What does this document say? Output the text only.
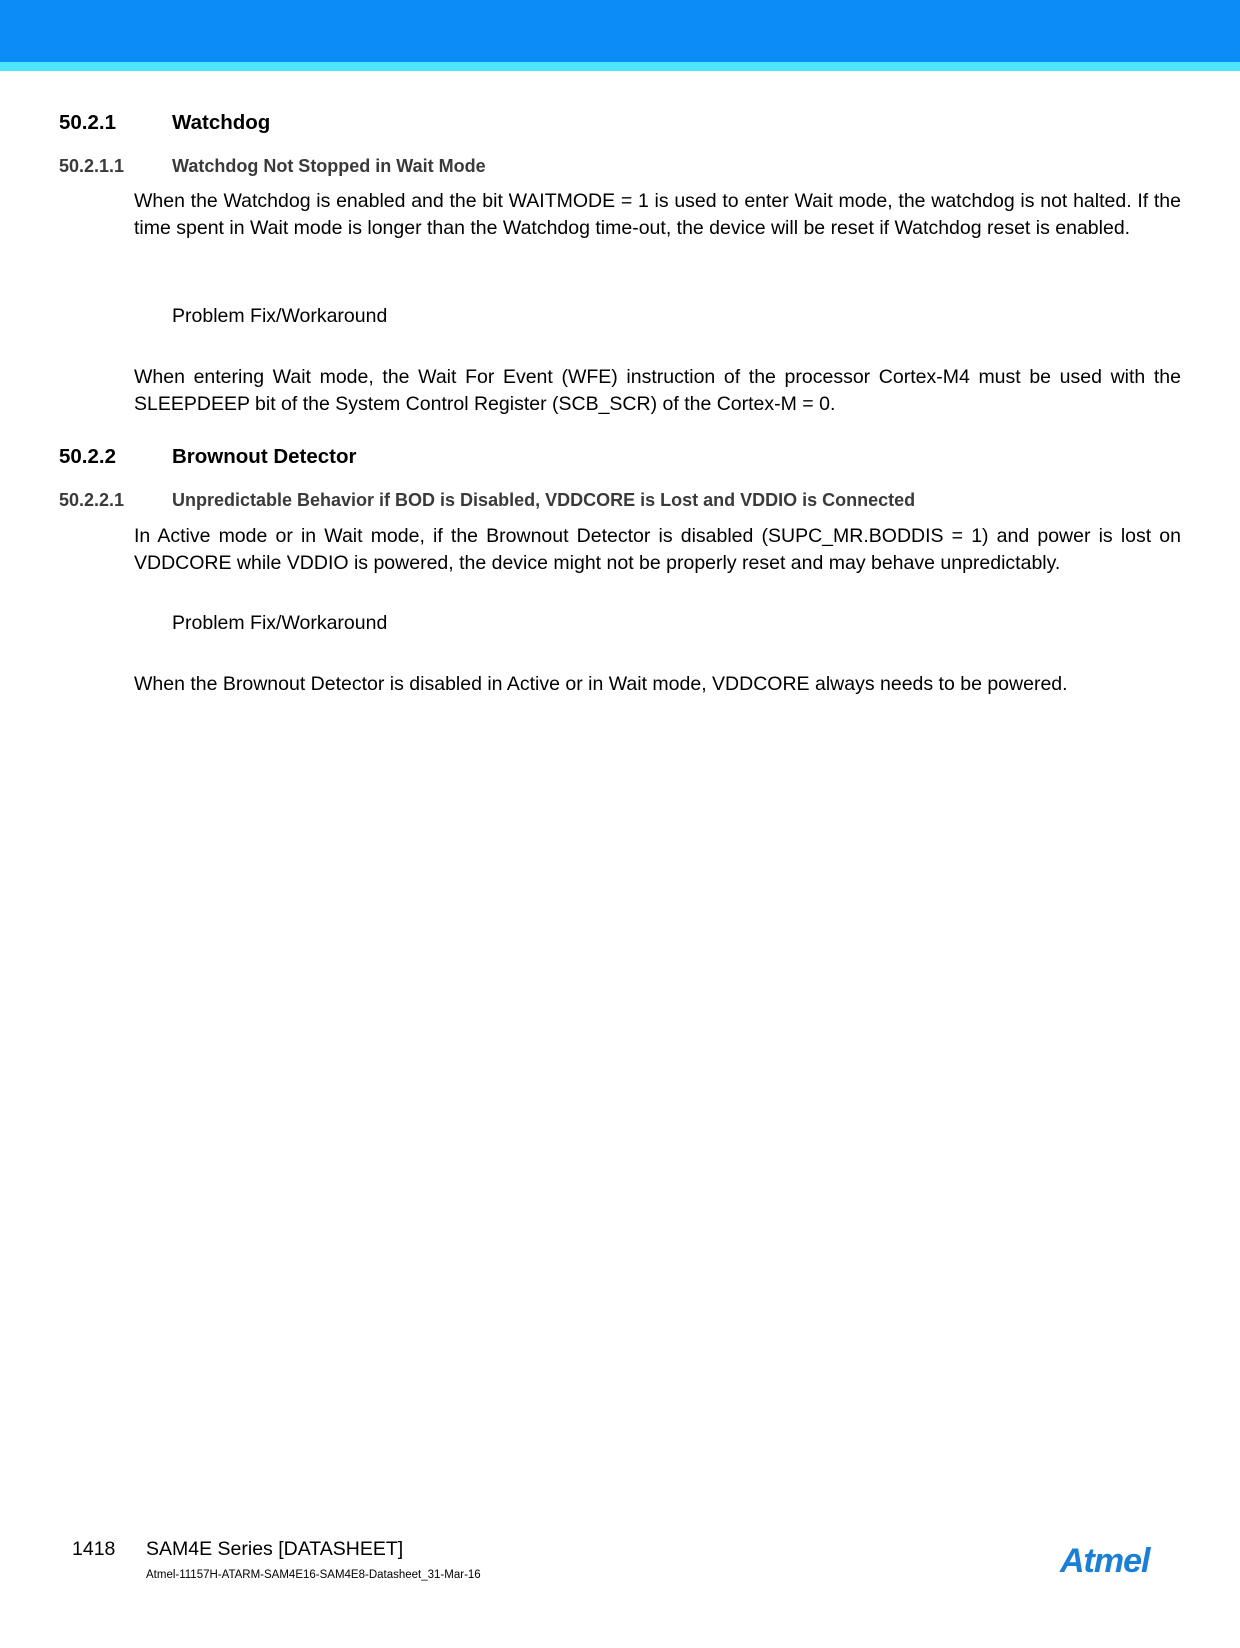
50.2.1	Watchdog
50.2.1.1	Watchdog Not Stopped in Wait Mode
When the Watchdog is enabled and the bit WAITMODE = 1 is used to enter Wait mode, the watchdog is not halted. If the time spent in Wait mode is longer than the Watchdog time-out, the device will be reset if Watchdog reset is enabled.
Problem Fix/Workaround
When entering Wait mode, the Wait For Event (WFE) instruction of the processor Cortex-M4 must be used with the SLEEPDEEP bit of the System Control Register (SCB_SCR) of the Cortex-M = 0.
50.2.2	Brownout Detector
50.2.2.1	Unpredictable Behavior if BOD is Disabled, VDDCORE is Lost and VDDIO is Connected
In Active mode or in Wait mode, if the Brownout Detector is disabled (SUPC_MR.BODDIS = 1) and power is lost on VDDCORE while VDDIO is powered, the device might not be properly reset and may behave unpredictably.
Problem Fix/Workaround
When the Brownout Detector is disabled in Active or in Wait mode, VDDCORE always needs to be powered.
1418 SAM4E Series [DATASHEET]
Atmel-11157H-ATARM-SAM4E16-SAM4E8-Datasheet_31-Mar-16	Atmel
